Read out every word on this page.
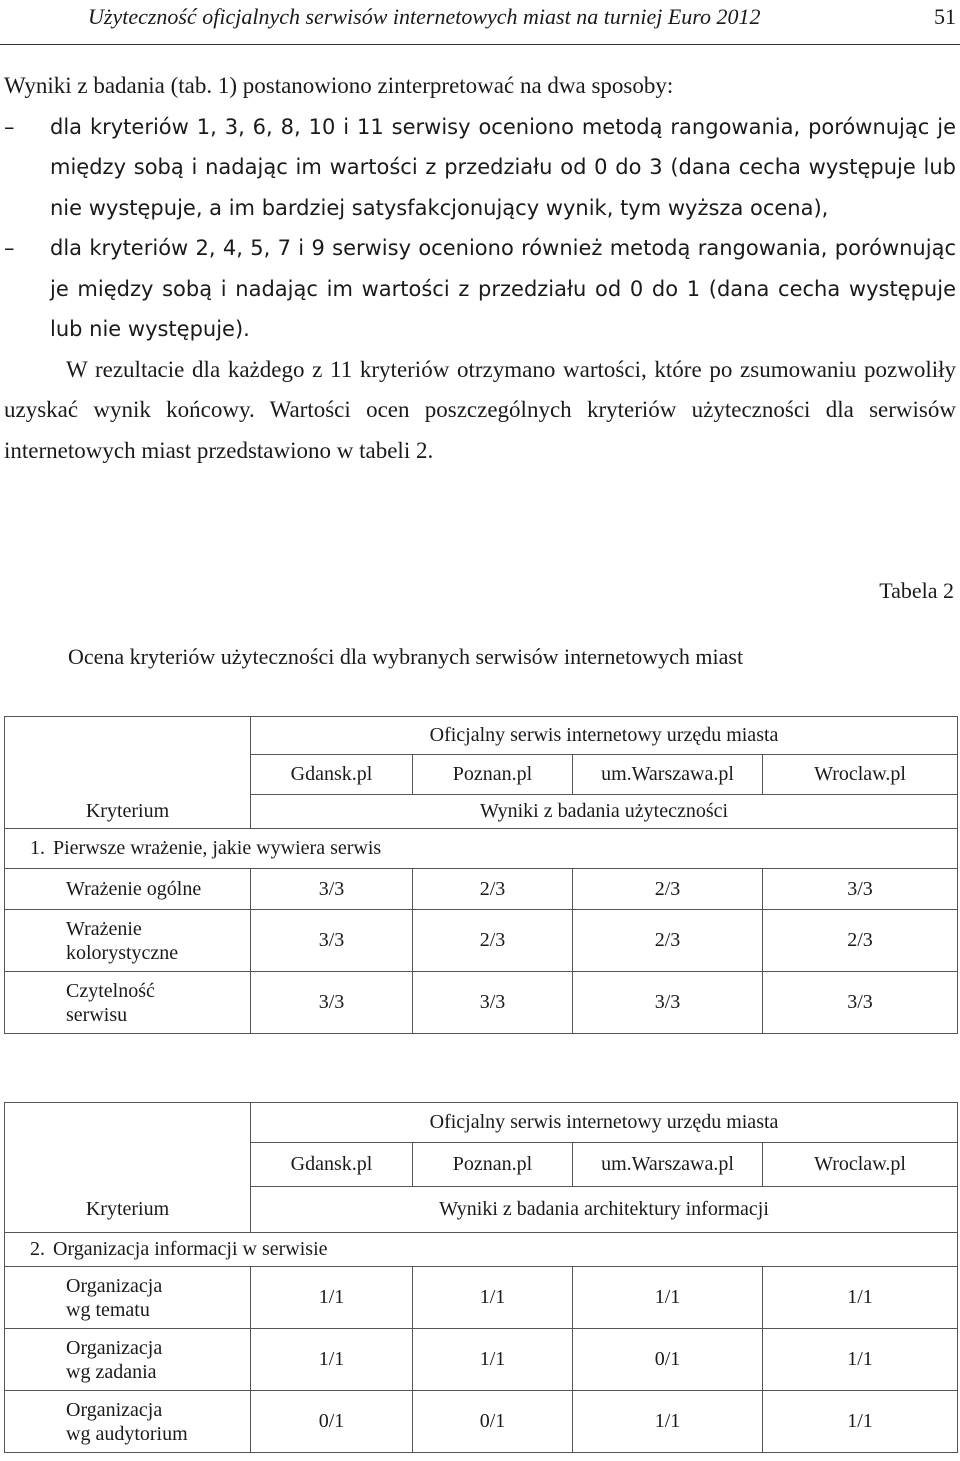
Użyteczność oficjalnych serwisów internetowych miast na turniej Euro 2012	51

Wyniki z badania (tab. 1) postanowiono zinterpretować na dwa sposoby:

– dla kryteriów 1, 3, 6, 8, 10 i 11 serwisy oceniono metodą rangowania, porównując je między sobą i nadając im wartości z przedziału od 0 do 3 (dana cecha występuje lub nie występuje, a im bardziej satysfakcjonujący wynik, tym wyższa ocena),
– dla kryteriów 2, 4, 5, 7 i 9 serwisy oceniono również metodą rangowania, porównując je między sobą i nadając im wartości z przedziału od 0 do 1 (dana cecha występuje lub nie występuje).

W rezultacie dla każdego z 11 kryteriów otrzymano wartości, które po zsumowaniu pozwoliły uzyskać wynik końcowy. Wartości ocen poszczególnych kryteriów użyteczności dla serwisów internetowych miast przedstawiono w tabeli 2.

Tabela 2
Ocena kryteriów użyteczności dla wybranych serwisów internetowych miast
	Oficjalny serwis internetowy urzędu miasta			
	Gdansk.pl	Poznan.pl	um.Warszawa.pl	Wroclaw.pl
Kryterium	Wyniki z badania użyteczności			
1. Pierwsze wrażenie, jakie wywiera serwis				
Wrażenie ogólne	3/3	2/3	2/3	3/3
Wrażenie
kolorystyczne	3/3	2/3	2/3	2/3
Czytelność
serwisu	3/3	3/3	3/3	3/3
	Oficjalny serwis internetowy urzędu miasta			
	Gdansk.pl	Poznan.pl	um.Warszawa.pl	Wroclaw.pl
Kryterium	Wyniki z badania architektury informacji			
2. Organizacja informacji w serwisie				
Organizacja
wg tematu	1/1	1/1	1/1	1/1
Organizacja
wg zadania	1/1	1/1	0/1	1/1
Organizacja
wg audytorium	0/1	0/1	1/1	1/1
